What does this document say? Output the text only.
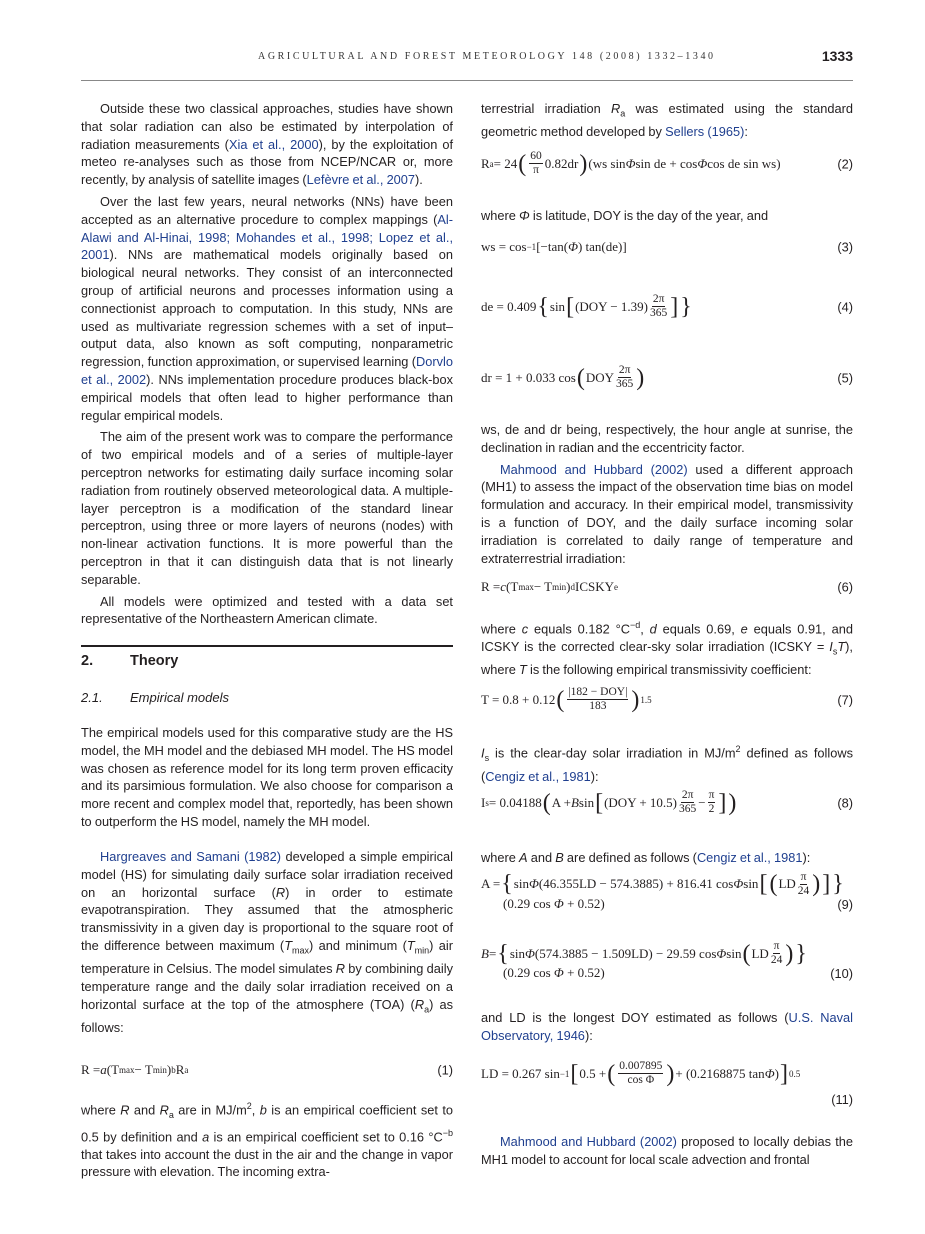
AGRICULTURAL AND FOREST METEOROLOGY 148 (2008) 1332–1340	1333
2.	Theory
2.1. Empirical models
Outside these two classical approaches, studies have shown that solar radiation can also be estimated by interpolation of radiation measurements (Xia et al., 2000), by the exploitation of meteo re-analyses such as those from NCEP/NCAR or, more recently, by analysis of satellite images (Lefèvre et al., 2007).
Over the last few years, neural networks (NNs) have been accepted as an alternative procedure to complex mappings (Al-Alawi and Al-Hinai, 1998; Mohandes et al., 1998; Lopez et al., 2001). NNs are mathematical models originally based on biological neural networks. They consist of an interconnected group of artificial neurons and processes information using a connectionist approach to computation. In this study, NNs are used as multivariate regression schemes with a set of input–output data, also known as soft computing, nonparametric regression, function approximation, or supervised learning (Dorvlo et al., 2002). NNs implementation procedure produces black-box empirical models that often lead to higher performance than regular empirical models.
The aim of the present work was to compare the performance of two empirical models and of a series of multiple-layer perceptron networks for estimating daily surface incoming solar radiation from routinely observed meteorological data. A multiple-layer perceptron is a modification of the standard linear perceptron, using three or more layers of neurons (nodes) with non-linear activation functions. It is more powerful than the perceptron in that it can distinguish data that is not linearly separable.
All models were optimized and tested with a data set representative of the Northeastern American climate.
The empirical models used for this comparative study are the HS model, the MH model and the debiased MH model. The HS model was chosen as reference model for its long term proven efficacity and its parsimious formulation. We also choose for comparison a more recent and complex model that, reportedly, has been shown to outperform the HS model, namely the MH model.
Hargreaves and Samani (1982) developed a simple empirical model (HS) for simulating daily surface solar irradiation received on an horizontal surface (R) in order to estimate evapotranspiration. They assumed that the atmospheric transmissivity in a given day is proportional to the square root of the difference between maximum $(T_{max})$ and minimum $(T_{min})$ air temperature in Celsius. The model simulates R by combining daily temperature range and the daily solar irradiation received on a horizontal surface at the top of the atmosphere (TOA) $(R_a)$ as follows:
where R and $R_a$ are in $MJ/m^2$, b is an empirical coefficient set to 0.5 by definition and a is an empirical coefficient set to 0.16 $^\circ C^{-b}$ that takes into account the dust in the air and the change in vapor pressure with elevation. The incoming extra-
terrestrial irradiation $R_a$ was estimated using the standard geometric method developed by Sellers (1965):
where Φ is latitude, DOY is the day of the year, and
ws, de and dr being, respectively, the hour angle at sunrise, the declination in radian and the eccentricity factor.
Mahmood and Hubbard (2002) used a different approach (MH1) to assess the impact of the observation time bias on model formulation and accuracy. In their empirical model, transmissivity is a function of DOY, and the daily surface incoming solar irradiation is correlated to daily range of temperature and extraterrestrial irradiation:
where c equals 0.182 $^\circ C^{-d}$, d equals 0.69, e equals 0.91, and ICSKY is the corrected clear-sky solar irradiation (ICSKY = $I_sT$), where T is the following empirical transmissivity coefficient:
$I_s$ is the clear-day solar irradiation in $MJ/m^2$ defined as follows (Cengiz et al., 1981):
where A and B are defined as follows (Cengiz et al., 1981):
and LD is the longest DOY estimated as follows (U.S. Naval Observatory, 1946):
Mahmood and Hubbard (2002) proposed to locally debias the MH1 model to account for local scale advection and frontal
R = a (T max − T min ) b R a	(1)
R a = 24 ( $\frac{60}{\pi} 0.82dr$ ) (ws sin Φ sin de + cos Φ cos de sin ws)	(2)
ws = cos −1 [−tan( Φ ) tan(de)]	(3)
de = 0.409 { sin [ $(DOY - 1.39) \frac{2\pi}{365}$ ] }	(4)
dr = 1 + 0.033 cos ( DOY $\frac{2\pi}{365}$ )	(5)
R = c (T max − T min ) d ICSKY e	(6)
T = 0.8 + 0.12 ( |182 − DOY|
183 ) 1.5	(7)
I s = 0.04188 ( A + B sin [ $(DOY + 10.5) \frac{2\pi}{365} - \frac{\pi}{2}$ ] )	(8)
A = { sin Φ (46.355LD − 574.3885) + 816.41 cos Φ sin [ ( LD $\frac{\pi}{24}$ ) ] }
(9)
(0.29 cos Φ + 0.52)
B = { sin Φ (574.3885 − 1.509LD) − 29.59 cos Φ sin ( LD $\frac{\pi}{24}$ ) }
(10)
(0.29 cos Φ + 0.52)
LD = 0.267 sin −1 [ 0.5 + ( $\frac{0.007895}{\text{cos Φ}}$ ) + (0.2168875 tan Φ ) ] 0.5
(11)
